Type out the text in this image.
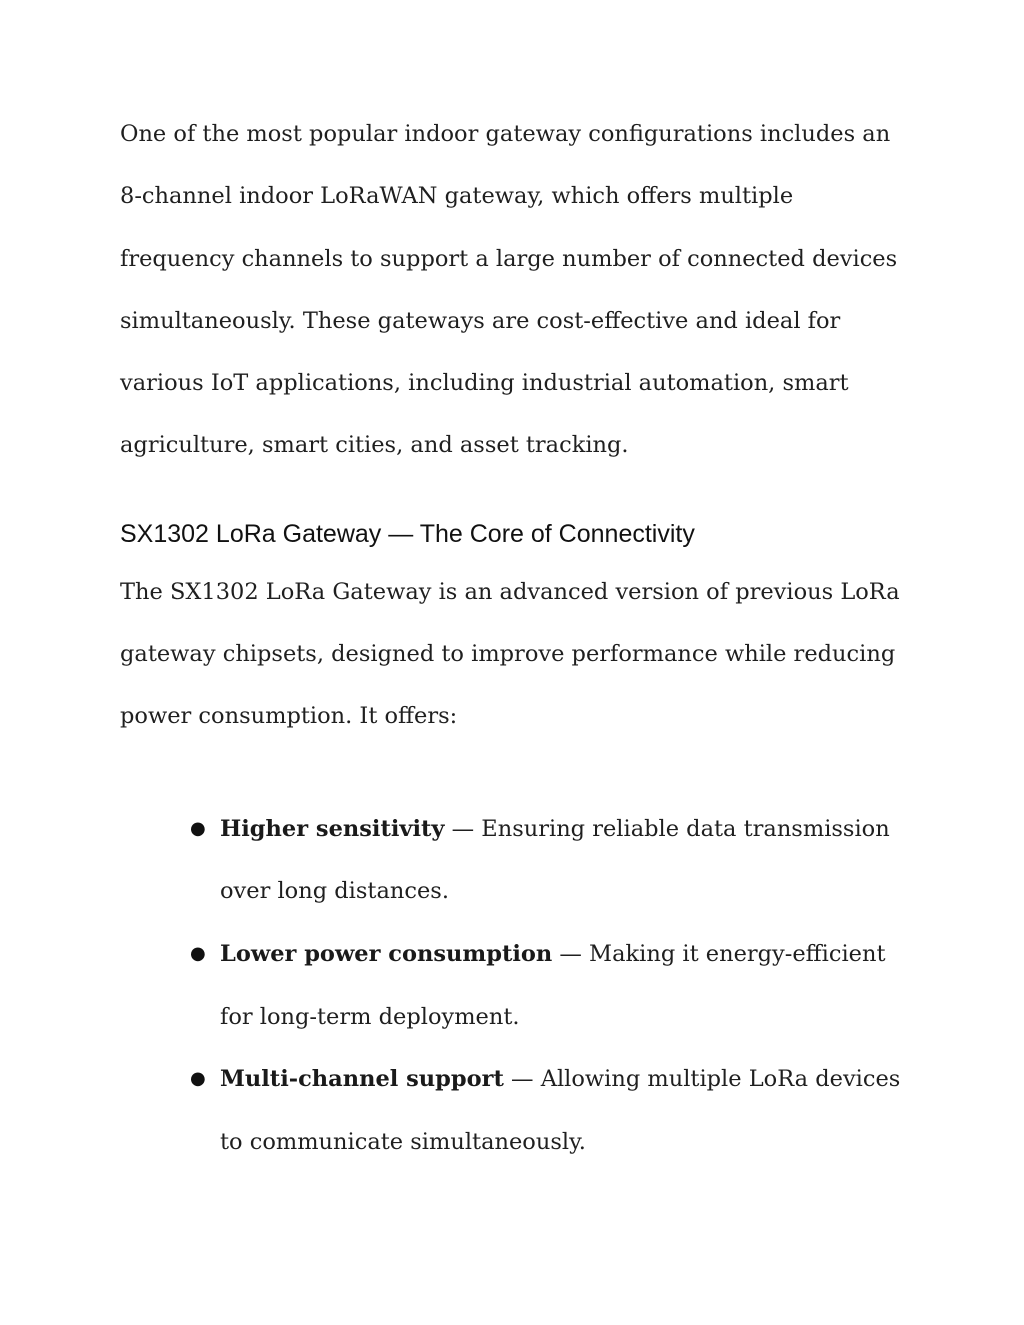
One of the most popular indoor gateway configurations includes an 8-channel indoor LoRaWAN gateway, which offers multiple frequency channels to support a large number of connected devices simultaneously. These gateways are cost-effective and ideal for various IoT applications, including industrial automation, smart agriculture, smart cities, and asset tracking.

SX1302 LoRa Gateway — The Core of Connectivity

The SX1302 LoRa Gateway is an advanced version of previous LoRa gateway chipsets, designed to improve performance while reducing power consumption. It offers:

● Higher sensitivity — Ensuring reliable data transmission over long distances.
● Lower power consumption — Making it energy-efficient for long-term deployment.
● Multi-channel support — Allowing multiple LoRa devices to communicate simultaneously.
